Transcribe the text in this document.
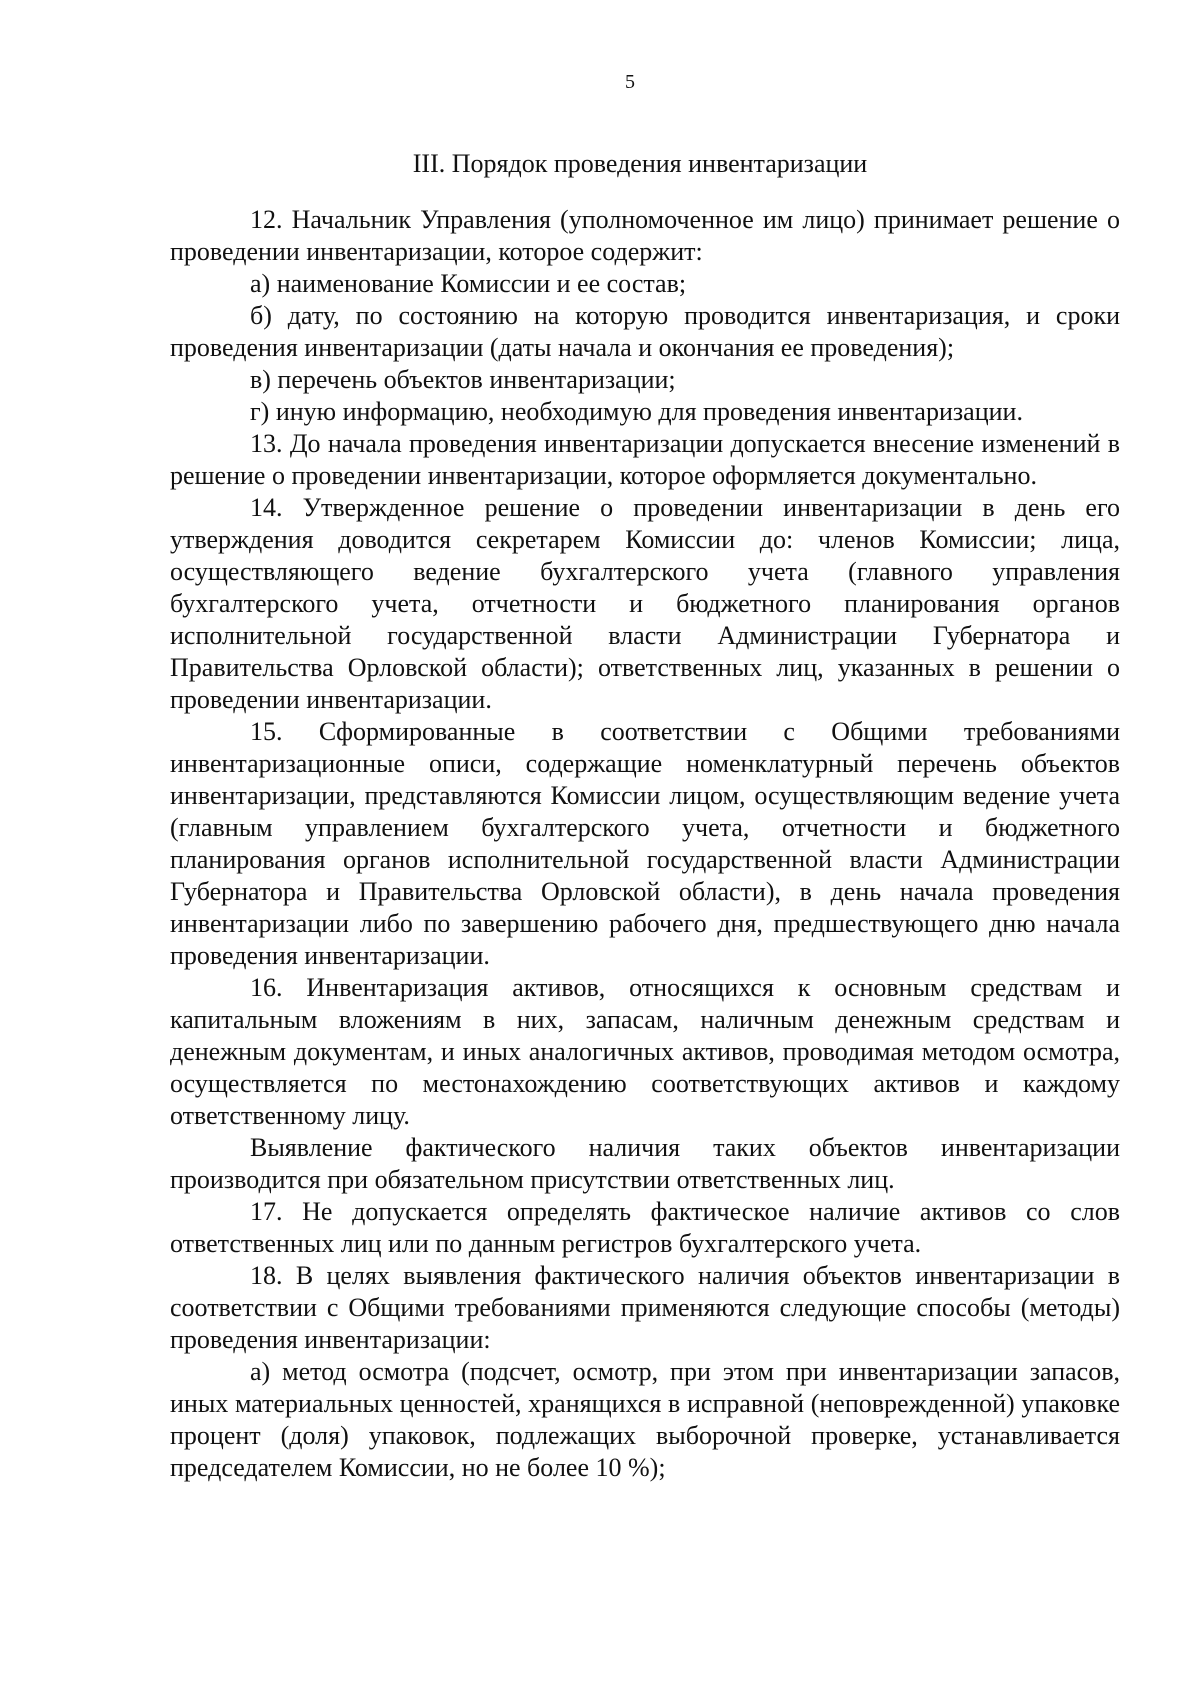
5
III. Порядок проведения инвентаризации

12. Начальник Управления (уполномоченное им лицо) принимает решение о проведении инвентаризации, которое содержит:

а) наименование Комиссии и ее состав;

б) дату, по состоянию на которую проводится инвентаризация, и сроки проведения инвентаризации (даты начала и окончания ее проведения);

в) перечень объектов инвентаризации;

г) иную информацию, необходимую для проведения инвентаризации.

13. До начала проведения инвентаризации допускается внесение изменений в решение о проведении инвентаризации, которое оформляется документально.

14. Утвержденное решение о проведении инвентаризации в день его утверждения доводится секретарем Комиссии до: членов Комиссии; лица, осуществляющего ведение бухгалтерского учета (главного управления бухгалтерского учета, отчетности и бюджетного планирования органов исполнительной государственной власти Администрации Губернатора и Правительства Орловской области); ответственных лиц, указанных в решении о проведении инвентаризации.

15. Сформированные в соответствии с Общими требованиями инвентаризационные описи, содержащие номенклатурный перечень объектов инвентаризации, представляются Комиссии лицом, осуществляющим ведение учета (главным управлением бухгалтерского учета, отчетности и бюджетного планирования органов исполнительной государственной власти Администрации Губернатора и Правительства Орловской области), в день начала проведения инвентаризации либо по завершению рабочего дня, предшествующего дню начала проведения инвентаризации.

16. Инвентаризация активов, относящихся к основным средствам и капитальным вложениям в них, запасам, наличным денежным средствам и денежным документам, и иных аналогичных активов, проводимая методом осмотра, осуществляется по местонахождению соответствующих активов и каждому ответственному лицу.

Выявление фактического наличия таких объектов инвентаризации производится при обязательном присутствии ответственных лиц.

17. Не допускается определять фактическое наличие активов со слов ответственных лиц или по данным регистров бухгалтерского учета.

18. В целях выявления фактического наличия объектов инвентаризации в соответствии с Общими требованиями применяются следующие способы (методы) проведения инвентаризации:

а) метод осмотра (подсчет, осмотр, при этом при инвентаризации запасов, иных материальных ценностей, хранящихся в исправной (неповрежденной) упаковке процент (доля) упаковок, подлежащих выборочной проверке, устанавливается председателем Комиссии, но не более 10 %);
